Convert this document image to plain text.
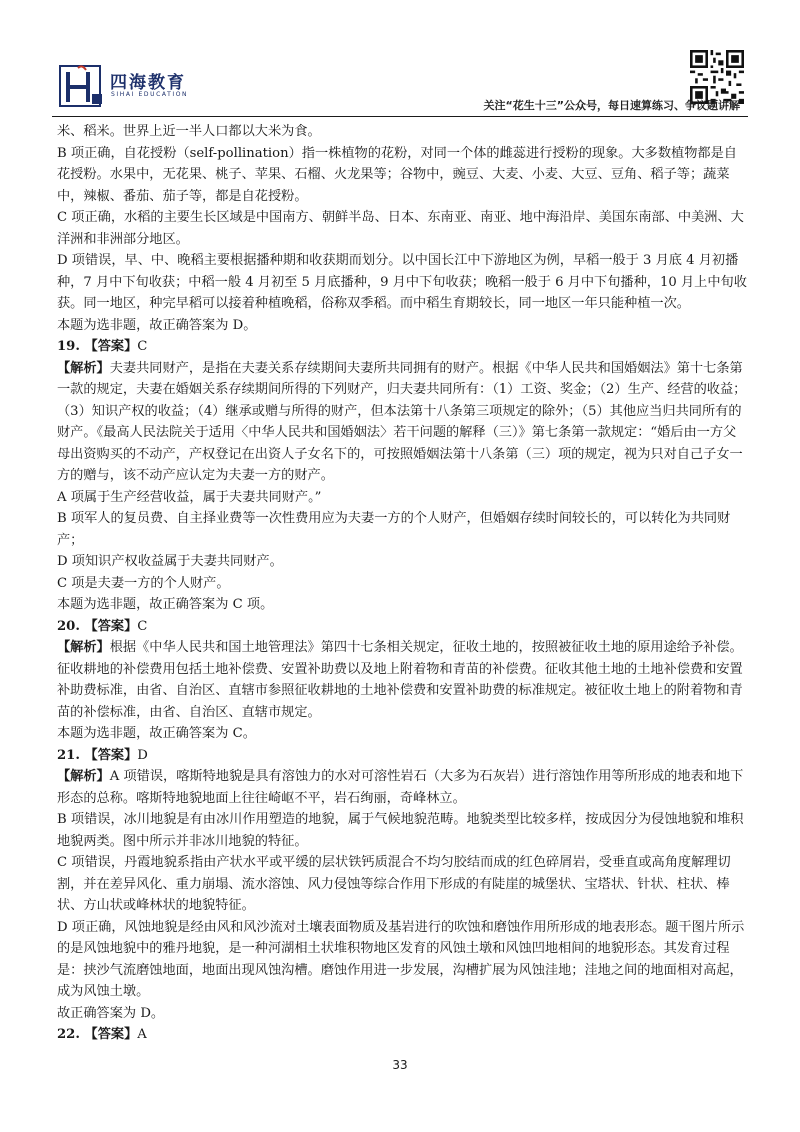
四海教育
SIHAI EDUCATION
关注“花生十三”公众号，每日速算练习、争议题讲解

米、稻米。世界上近一半人口都以大米为食。

B 项正确，自花授粉（self-pollination）指一株植物的花粉，对同一个体的雌蕊进行授粉的现象。大多数植物都是自花授粉。水果中，无花果、桃子、苹果、石榴、火龙果等；谷物中，豌豆、大麦、小麦、大豆、豆角、稻子等；蔬菜中，辣椒、番茄、茄子等，都是自花授粉。

C 项正确，水稻的主要生长区域是中国南方、朝鲜半岛、日本、东南亚、南亚、地中海沿岸、美国东南部、中美洲、大洋洲和非洲部分地区。

D 项错误，早、中、晚稻主要根据播种期和收获期而划分。以中国长江中下游地区为例，早稻一般于 3 月底 4 月初播种，7 月中下旬收获；中稻一般 4 月初至 5 月底播种，9 月中下旬收获；晚稻一般于 6 月中下旬播种，10 月上中旬收获。同一地区，种完早稻可以接着种植晚稻，俗称双季稻。而中稻生育期较长，同一地区一年只能种植一次。

本题为选非题，故正确答案为 D。

19. 【答案】C

【解析】夫妻共同财产，是指在夫妻关系存续期间夫妻所共同拥有的财产。根据《中华人民共和国婚姻法》第十七条第一款的规定，夫妻在婚姻关系存续期间所得的下列财产，归夫妻共同所有：（1）工资、奖金；（2）生产、经营的收益；（3）知识产权的收益；（4）继承或赠与所得的财产，但本法第十八条第三项规定的除外；（5）其他应当归共同所有的财产。《最高人民法院关于适用〈中华人民共和国婚姻法〉若干问题的解释（三）》第七条第一款规定：“婚后由一方父母出资购买的不动产，产权登记在出资人子女名下的，可按照婚姻法第十八条第（三）项的规定，视为只对自己子女一方的赠与，该不动产应认定为夫妻一方的财产。

A 项属于生产经营收益，属于夫妻共同财产。”

B 项军人的复员费、自主择业费等一次性费用应为夫妻一方的个人财产，但婚姻存续时间较长的，可以转化为共同财产；

D 项知识产权收益属于夫妻共同财产。

C 项是夫妻一方的个人财产。

本题为选非题，故正确答案为 C 项。

20. 【答案】C

【解析】根据《中华人民共和国土地管理法》第四十七条相关规定，征收土地的，按照被征收土地的原用途给予补偿。征收耕地的补偿费用包括土地补偿费、安置补助费以及地上附着物和青苗的补偿费。征收其他土地的土地补偿费和安置补助费标准，由省、自治区、直辖市参照征收耕地的土地补偿费和安置补助费的标准规定。被征收土地上的附着物和青苗的补偿标准，由省、自治区、直辖市规定。

本题为选非题，故正确答案为 C。

21. 【答案】D

【解析】A 项错误，喀斯特地貌是具有溶蚀力的水对可溶性岩石（大多为石灰岩）进行溶蚀作用等所形成的地表和地下形态的总称。喀斯特地貌地面上往往崎岖不平，岩石绚丽，奇峰林立。

B 项错误，冰川地貌是有由冰川作用塑造的地貌，属于气候地貌范畴。地貌类型比较多样，按成因分为侵蚀地貌和堆积地貌两类。图中所示并非冰川地貌的特征。

C 项错误，丹霞地貌系指由产状水平或平缓的层状铁钙质混合不均匀胶结而成的红色碎屑岩，受垂直或高角度解理切割，并在差异风化、重力崩塌、流水溶蚀、风力侵蚀等综合作用下形成的有陡崖的城堡状、宝塔状、针状、柱状、棒状、方山状或峰林状的地貌特征。

D 项正确，风蚀地貌是经由风和风沙流对土壤表面物质及基岩进行的吹蚀和磨蚀作用所形成的地表形态。题干图片所示的是风蚀地貌中的雅丹地貌，是一种河湖相土状堆积物地区发育的风蚀土墩和风蚀凹地相间的地貌形态。其发育过程是：挟沙气流磨蚀地面，地面出现风蚀沟槽。磨蚀作用进一步发展，沟槽扩展为风蚀洼地；洼地之间的地面相对高起，成为风蚀土墩。

故正确答案为 D。

22. 【答案】A

33
